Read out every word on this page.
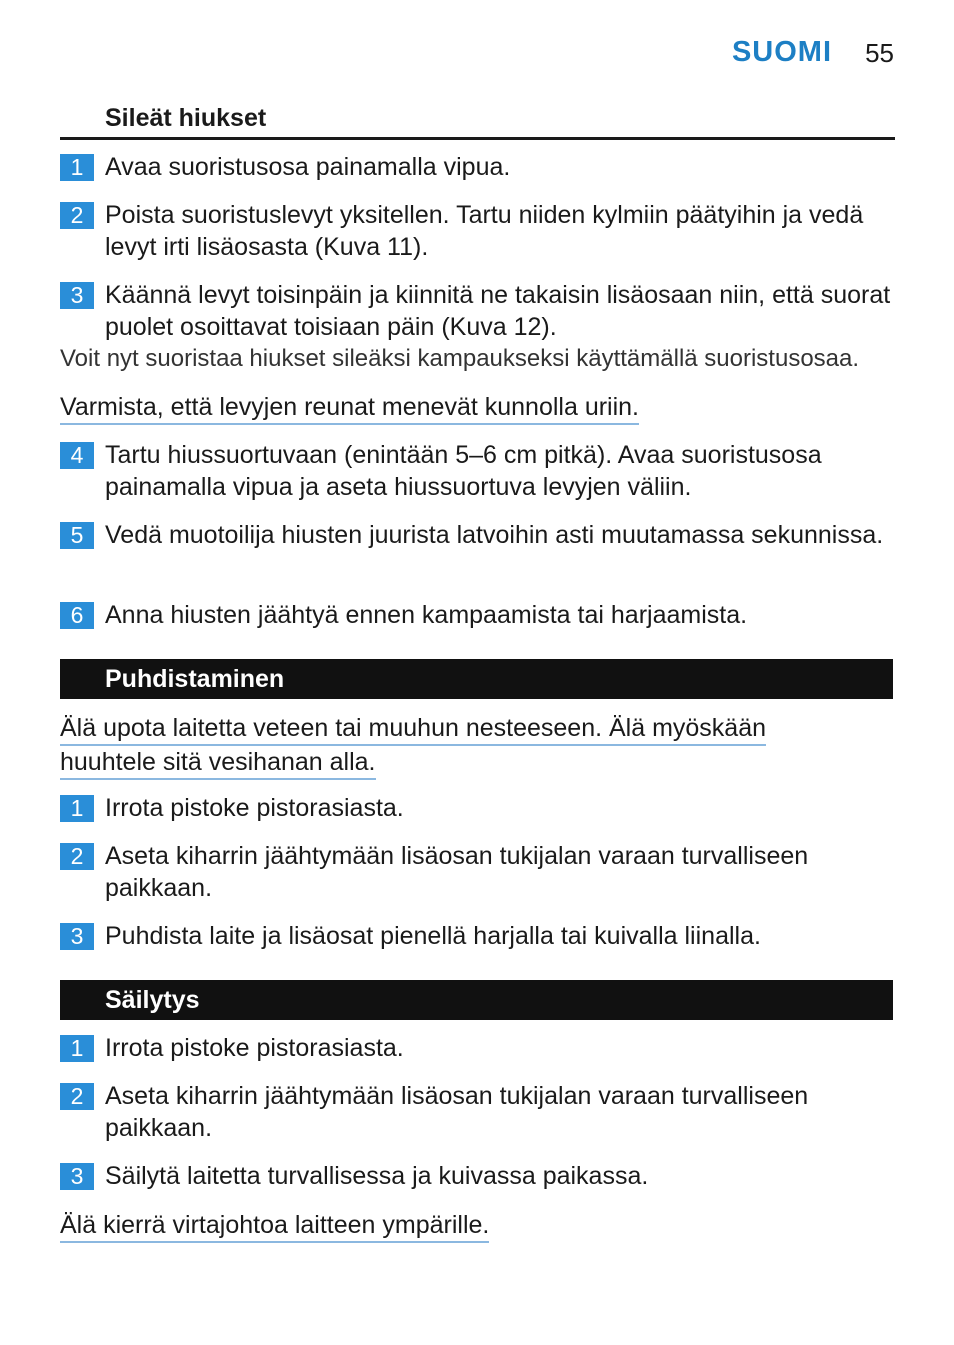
SUOMI 55
Sileät hiukset
1 Avaa suoristusosa painamalla vipua.
2 Poista suoristuslevyt yksitellen. Tartu niiden kylmiin päätyihin ja vedä levyt irti lisäosasta (Kuva 11).
3 Käännä levyt toisinpäin ja kiinnitä ne takaisin lisäosaan niin, että suorat puolet osoittavat toisiaan päin (Kuva 12).
Voit nyt suoristaa hiukset sileäksi kampaukseksi käyttämällä suoristusosaa.
Varmista, että levyjen reunat menevät kunnolla uriin.
4 Tartu hiussuortuvaan (enintään 5–6 cm pitkä). Avaa suoristusosa painamalla vipua ja aseta hiussuortuva levyjen väliin.
5 Vedä muotoilija hiusten juurista latvoihin asti muutamassa sekunnissa.
6 Anna hiusten jäähtyä ennen kampaamista tai harjaamista.
Puhdistaminen
Älä upota laitetta veteen tai muuhun nesteeseen. Älä myöskään
huuhtele sitä vesihanan alla.
1 Irrota pistoke pistorasiasta.
2 Aseta kiharrin jäähtymään lisäosan tukijalan varaan turvalliseen paikkaan.
3 Puhdista laite ja lisäosat pienellä harjalla tai kuivalla liinalla.
Säilytys
1 Irrota pistoke pistorasiasta.
2 Aseta kiharrin jäähtymään lisäosan tukijalan varaan turvalliseen paikkaan.
3 Säilytä laitetta turvallisessa ja kuivassa paikassa.
Älä kierrä virtajohtoa laitteen ympärille.
